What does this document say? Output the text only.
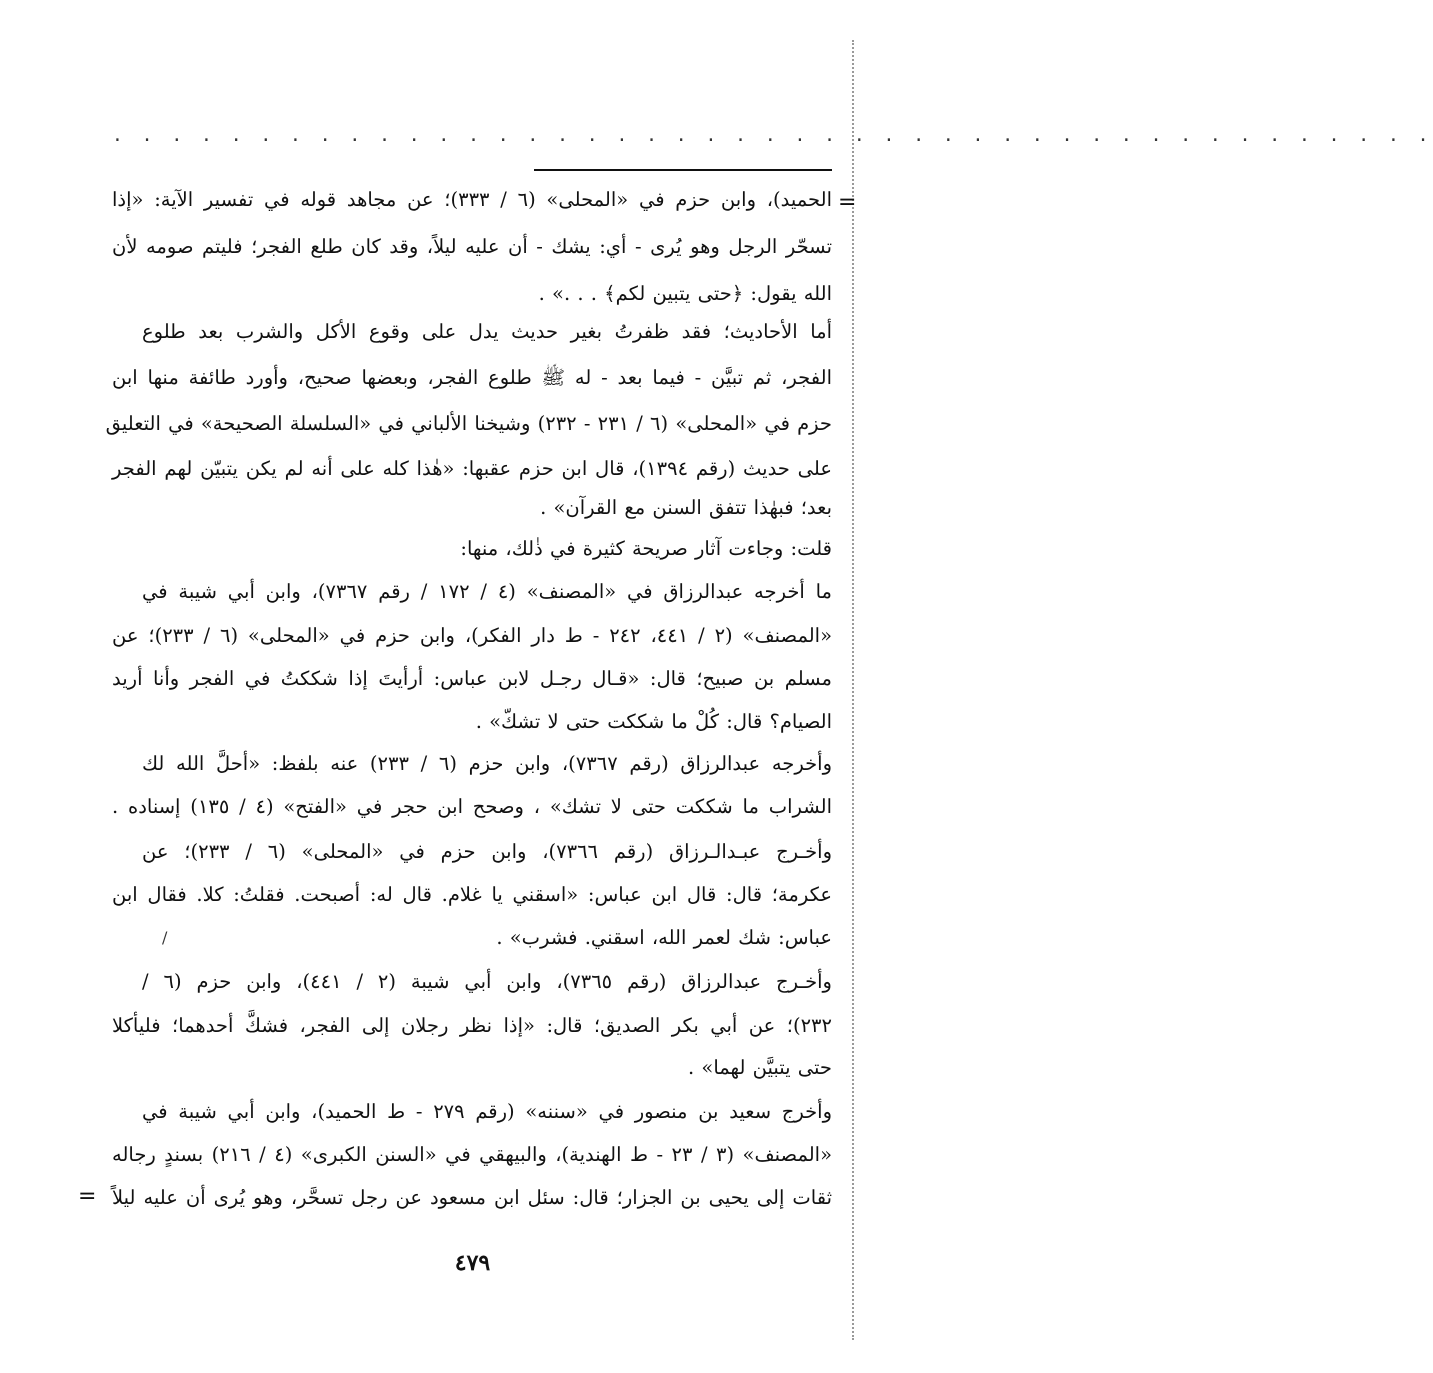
. . . . . . . . . . . . . . . . . . . . . . . . . . . . . . . . . . . . . . . . . . . . .
=
الحميد)، وابن حزم في «المحلى» (٦ / ٣٣٣)؛ عن مجاهد قوله في تفسير الآية: «إذا
تسحّر الرجل وهو يُرى - أي: يشك - أن عليه ليلاً، وقد كان طلع الفجر؛ فليتم صومه لأن
الله يقول: ﴿حتى يتبين لكم﴾ . . .» .
أما الأحاديث؛ فقد ظفرتُ بغير حديث يدل على وقوع الأكل والشرب بعد طلوع
الفجر، ثم تبيَّن - فيما بعد - له ﷺ طلوع الفجر، وبعضها صحيح، وأورد طائفة منها ابن
حزم في «المحلى» (٦ / ٢٣١ - ٢٣٢) وشيخنا الألباني في «السلسلة الصحيحة» في التعليق
على حديث (رقم ١٣٩٤)، قال ابن حزم عقبها: «هٰذا كله على أنه لم يكن يتبيّن لهم الفجر
بعد؛ فبهٰذا تتفق السنن مع القرآن» .
قلت: وجاءت آثار صريحة كثيرة في ذٰلك، منها:
ما أخرجه عبدالرزاق في «المصنف» (٤ / ١٧٢ / رقم ٧٣٦٧)، وابن أبي شيبة في
«المصنف» (٢ / ٤٤١، ٢٤٢ - ط دار الفكر)، وابن حزم في «المحلى» (٦ / ٢٣٣)؛ عن
مسلم بن صبيح؛ قال: «قـال رجـل لابن عباس: أرأيتَ إذا شككتُ في الفجر وأنا أريد
الصيام؟ قال: كُلْ ما شككت حتى لا تشكّ» .
وأخرجه عبدالرزاق (رقم ٧٣٦٧)، وابن حزم (٦ / ٢٣٣) عنه بلفظ: «أحلَّ الله لك
الشراب ما شككت حتى لا تشك» ، وصحح ابن حجر في «الفتح» (٤ / ١٣٥) إسناده .
وأخـرج عبـدالـرزاق (رقم ٧٣٦٦)، وابن حزم في «المحلى» (٦ / ٢٣٣)؛ عن
عكرمة؛ قال: قال ابن عباس: «اسقني يا غلام. قال له: أصبحت. فقلتُ: كلا. فقال ابن
عباس: شك لعمر الله، اسقني. فشرب» .
وأخـرج عبدالرزاق (رقم ٧٣٦٥)، وابن أبي شيبة (٢ / ٤٤١)، وابن حزم (٦ /
٢٣٢)؛ عن أبي بكر الصديق؛ قال: «إذا نظر رجلان إلى الفجر، فشكَّ أحدهما؛ فليأكلا
حتى يتبيَّن لهما» .
وأخرج سعيد بن منصور في «سننه» (رقم ٢٧٩ - ط الحميد)، وابن أبي شيبة في
«المصنف» (٣ / ٢٣ - ط الهندية)، والبيهقي في «السنن الكبرى» (٤ / ٢١٦) بسندٍ رجاله
ثقات إلى يحيى بن الجزار؛ قال: سئل ابن مسعود عن رجل تسحَّر، وهو يُرى أن عليه ليلاً
/
=
٤٧٩
